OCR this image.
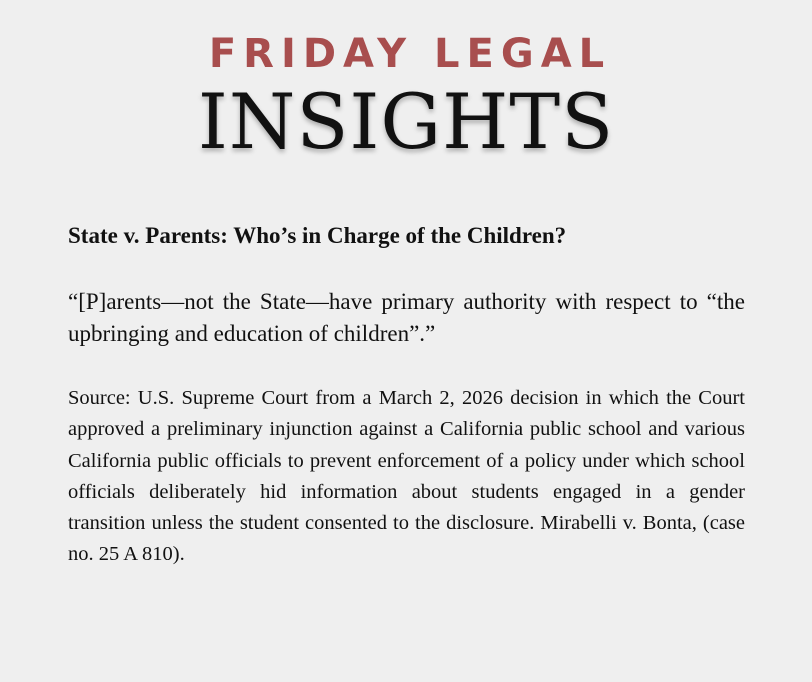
FRIDAY LEGAL
INSIGHTS
State v. Parents: Who’s in Charge of the Children?

“[P]arents—not the State—have primary authority with respect to “the upbringing and education of children”.”

Source: U.S. Supreme Court from a March 2, 2026 decision in which the Court approved a preliminary injunction against a California public school and various California public officials to prevent enforcement of a policy under which school officials deliberately hid information about students engaged in a gender transition unless the student consented to the disclosure. Mirabelli v. Bonta, (case no. 25 A 810).
